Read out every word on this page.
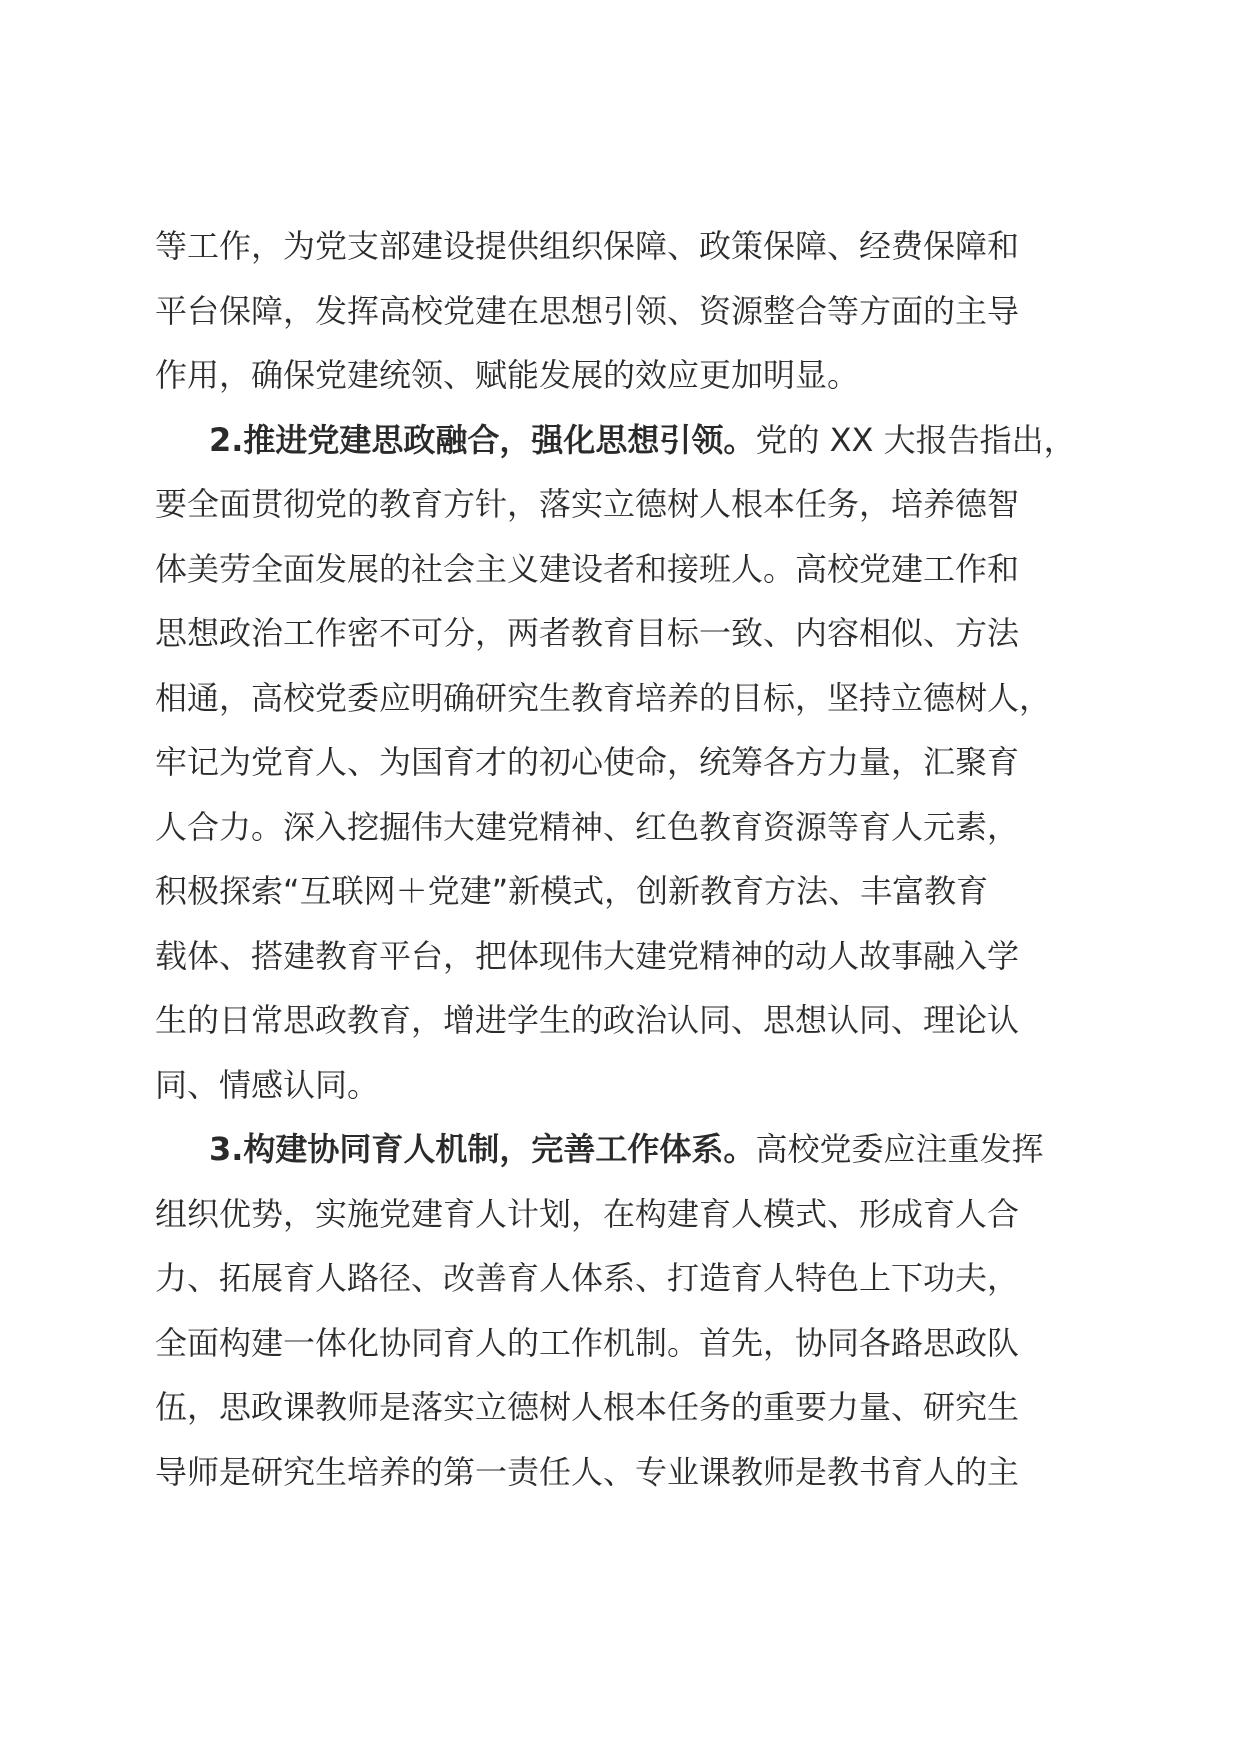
等工作，为党支部建设提供组织保障、政策保障、经费保障和
平台保障，发挥高校党建在思想引领、资源整合等方面的主导
作用，确保党建统领、赋能发展的效应更加明显。
2.推进党建思政融合，强化思想引领。党的 XX 大报告指出，
要全面贯彻党的教育方针，落实立德树人根本任务，培养德智
体美劳全面发展的社会主义建设者和接班人。高校党建工作和
思想政治工作密不可分，两者教育目标一致、内容相似、方法
相通，高校党委应明确研究生教育培养的目标，坚持立德树人，
牢记为党育人、为国育才的初心使命，统筹各方力量，汇聚育
人合力。深入挖掘伟大建党精神、红色教育资源等育人元素，
积极探索“互联网＋党建”新模式，创新教育方法、丰富教育
载体、搭建教育平台，把体现伟大建党精神的动人故事融入学
生的日常思政教育，增进学生的政治认同、思想认同、理论认
同、情感认同。
3.构建协同育人机制，完善工作体系。高校党委应注重发挥
组织优势，实施党建育人计划，在构建育人模式、形成育人合
力、拓展育人路径、改善育人体系、打造育人特色上下功夫，
全面构建一体化协同育人的工作机制。首先，协同各路思政队
伍，思政课教师是落实立德树人根本任务的重要力量、研究生
导师是研究生培养的第一责任人、专业课教师是教书育人的主
